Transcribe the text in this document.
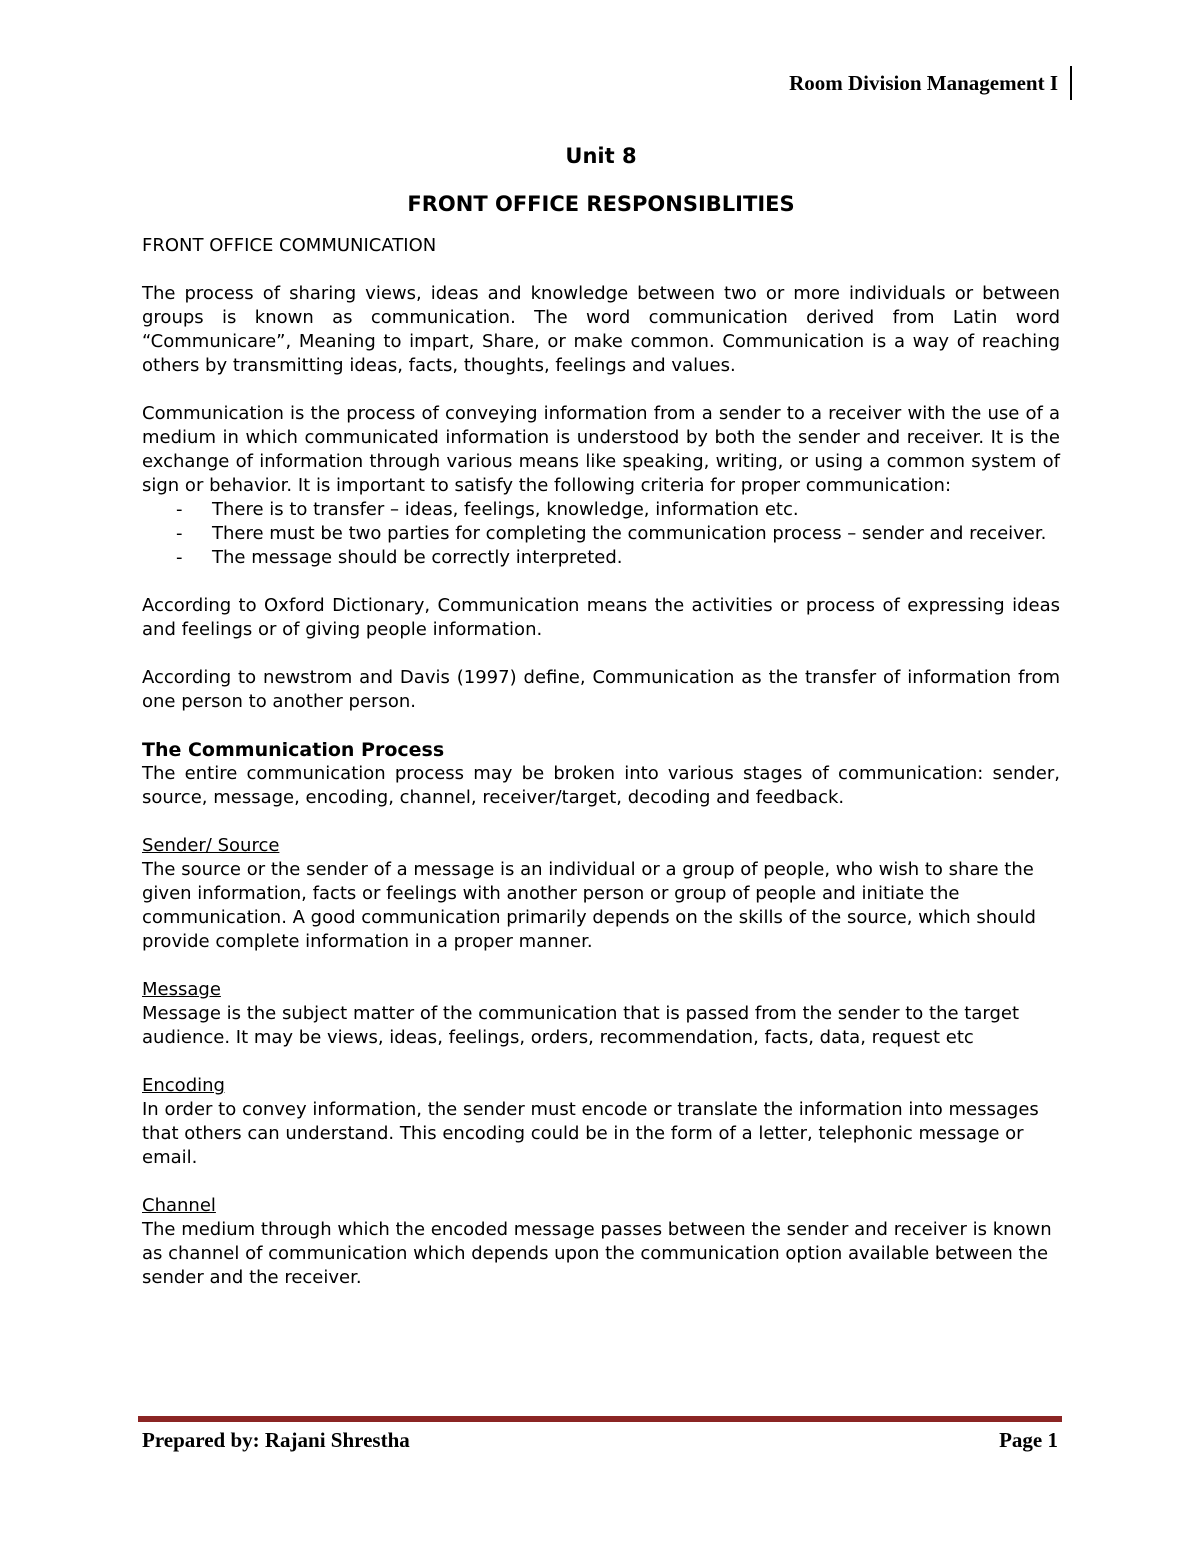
Room Division Management I
Unit 8
FRONT OFFICE RESPONSIBLITIES
FRONT OFFICE COMMUNICATION

The process of sharing views, ideas and knowledge between two or more individuals or between groups is known as communication. The word communication derived from Latin word “Communicare”, Meaning to impart, Share, or make common. Communication is a way of reaching others by transmitting ideas, facts, thoughts, feelings and values.

Communication is the process of conveying information from a sender to a receiver with the use of a medium in which communicated information is understood by both the sender and receiver. It is the exchange of information through various means like speaking, writing, or using a common system of sign or behavior. It is important to satisfy the following criteria for proper communication:

- There is to transfer – ideas, feelings, knowledge, information etc.
- There must be two parties for completing the communication process – sender and receiver.
- The message should be correctly interpreted.

According to Oxford Dictionary, Communication means the activities or process of expressing ideas and feelings or of giving people information.

According to newstrom and Davis (1997) define, Communication as the transfer of information from one person to another person.

The Communication Process

The entire communication process may be broken into various stages of communication: sender, source, message, encoding, channel, receiver/target, decoding and feedback.

Sender/ Source

The source or the sender of a message is an individual or a group of people, who wish to share the given information, facts or feelings with another person or group of people and initiate the communication. A good communication primarily depends on the skills of the source, which should provide complete information in a proper manner.

Message

Message is the subject matter of the communication that is passed from the sender to the target audience. It may be views, ideas, feelings, orders, recommendation, facts, data, request etc

Encoding

In order to convey information, the sender must encode or translate the information into messages that others can understand. This encoding could be in the form of a letter, telephonic message or email.

Channel

The medium through which the encoded message passes between the sender and receiver is known as channel of communication which depends upon the communication option available between the sender and the receiver.

Prepared by: Rajani Shrestha	Page 1
